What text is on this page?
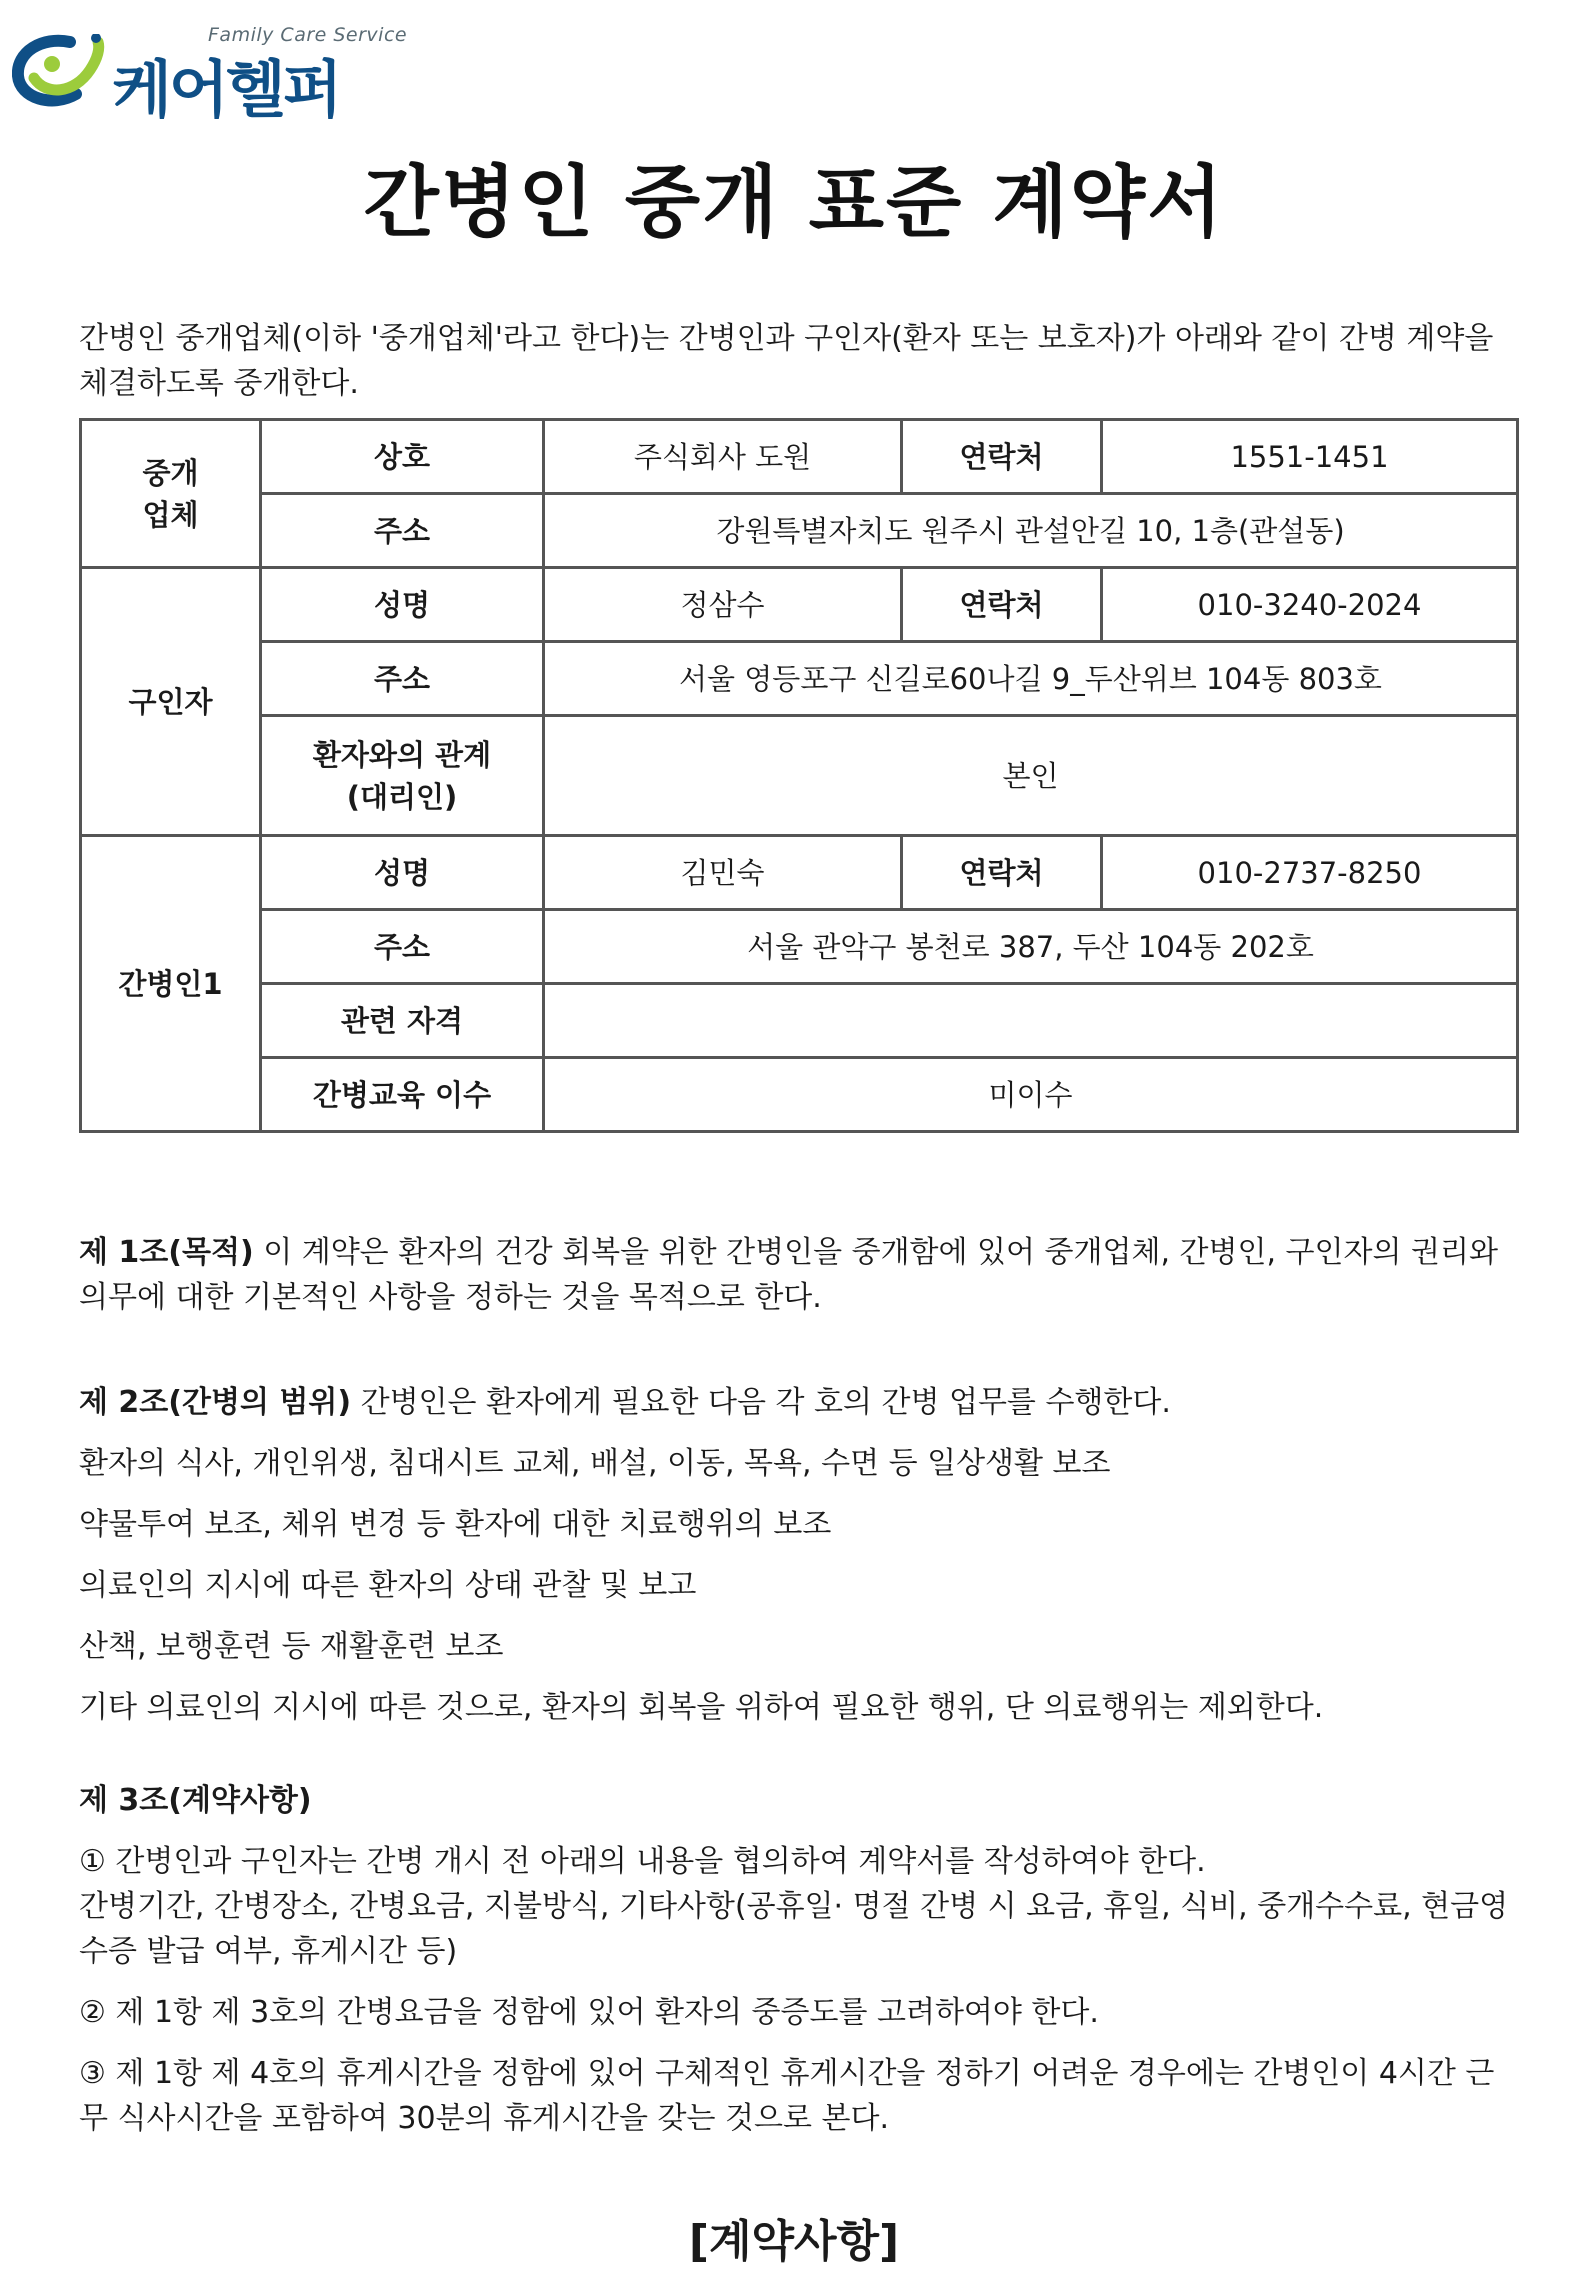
Family Care Service
케어헬퍼
간병인 중개 표준 계약서

간병인 중개업체(이하 '중개업체'라고 한다)는 간병인과 구인자(환자 또는 보호자)가 아래와 같이 간병 계약을 체결하도록 중개한다.

중개
업체	상호	주식회사 도원	연락처	1551-1451
	주소	강원특별자치도 원주시 관설안길 10, 1층(관설동)		
구인자	성명	정삼수	연락처	010-3240-2024
	주소	서울 영등포구 신길로60나길 9_두산위브 104동 803호		
	환자와의 관계
(대리인)	본인		
간병인1	성명	김민숙	연락처	010-2737-8250
	주소	서울 관악구 봉천로 387, 두산 104동 202호		
	관련 자격			
	간병교육 이수	미이수		

제 1조(목적) 이 계약은 환자의 건강 회복을 위한 간병인을 중개함에 있어 중개업체, 간병인, 구인자의 권리와 의무에 대한 기본적인 사항을 정하는 것을 목적으로 한다.

제 2조(간병의 범위) 간병인은 환자에게 필요한 다음 각 호의 간병 업무를 수행한다.

환자의 식사, 개인위생, 침대시트 교체, 배설, 이동, 목욕, 수면 등 일상생활 보조

약물투여 보조, 체위 변경 등 환자에 대한 치료행위의 보조

의료인의 지시에 따른 환자의 상태 관찰 및 보고

산책, 보행훈련 등 재활훈련 보조

기타 의료인의 지시에 따른 것으로, 환자의 회복을 위하여 필요한 행위, 단 의료행위는 제외한다.

제 3조(계약사항)

① 간병인과 구인자는 간병 개시 전 아래의 내용을 협의하여 계약서를 작성하여야 한다.

간병기간, 간병장소, 간병요금, 지불방식, 기타사항(공휴일· 명절 간병 시 요금, 휴일, 식비, 중개수수료, 현금영수증 발급 여부, 휴게시간 등)

② 제 1항 제 3호의 간병요금을 정함에 있어 환자의 중증도를 고려하여야 한다.

③ 제 1항 제 4호의 휴게시간을 정함에 있어 구체적인 휴게시간을 정하기 어려운 경우에는 간병인이 4시간 근무 식사시간을 포함하여 30분의 휴게시간을 갖는 것으로 본다.

[계약사항]
